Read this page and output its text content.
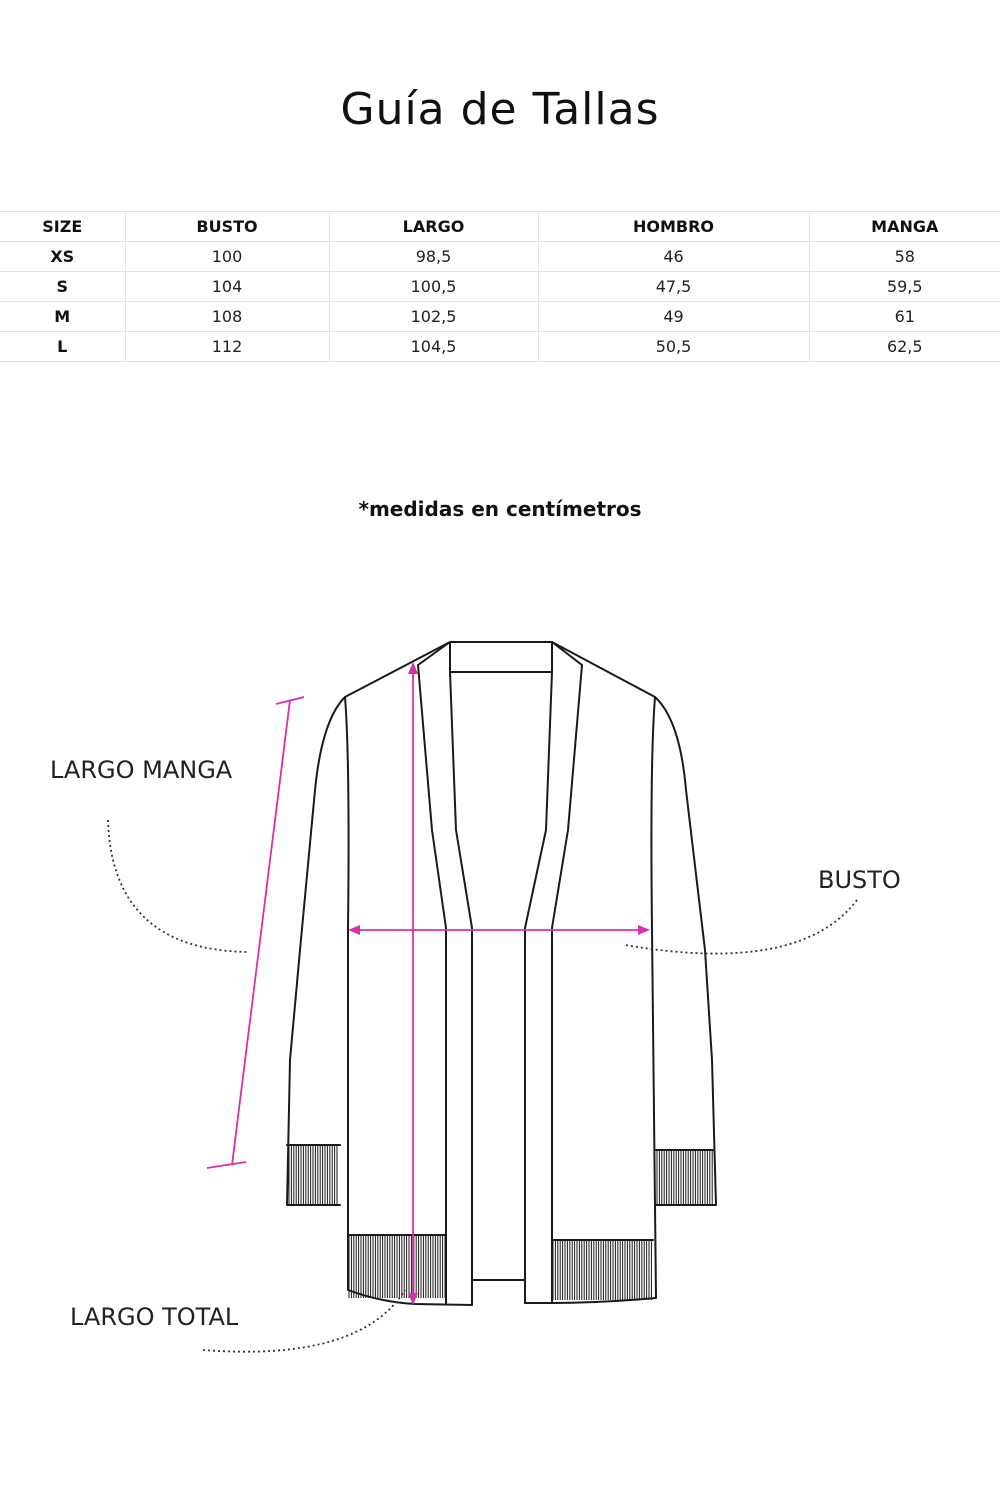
Guía de Tallas
SIZE	BUSTO	LARGO	HOMBRO	MANGA
XS	100	98,5	46	58
S	104	100,5	47,5	59,5
M	108	102,5	49	61
L	112	104,5	50,5	62,5
*medidas en centímetros
LARGO MANGA
BUSTO
LARGO TOTAL
